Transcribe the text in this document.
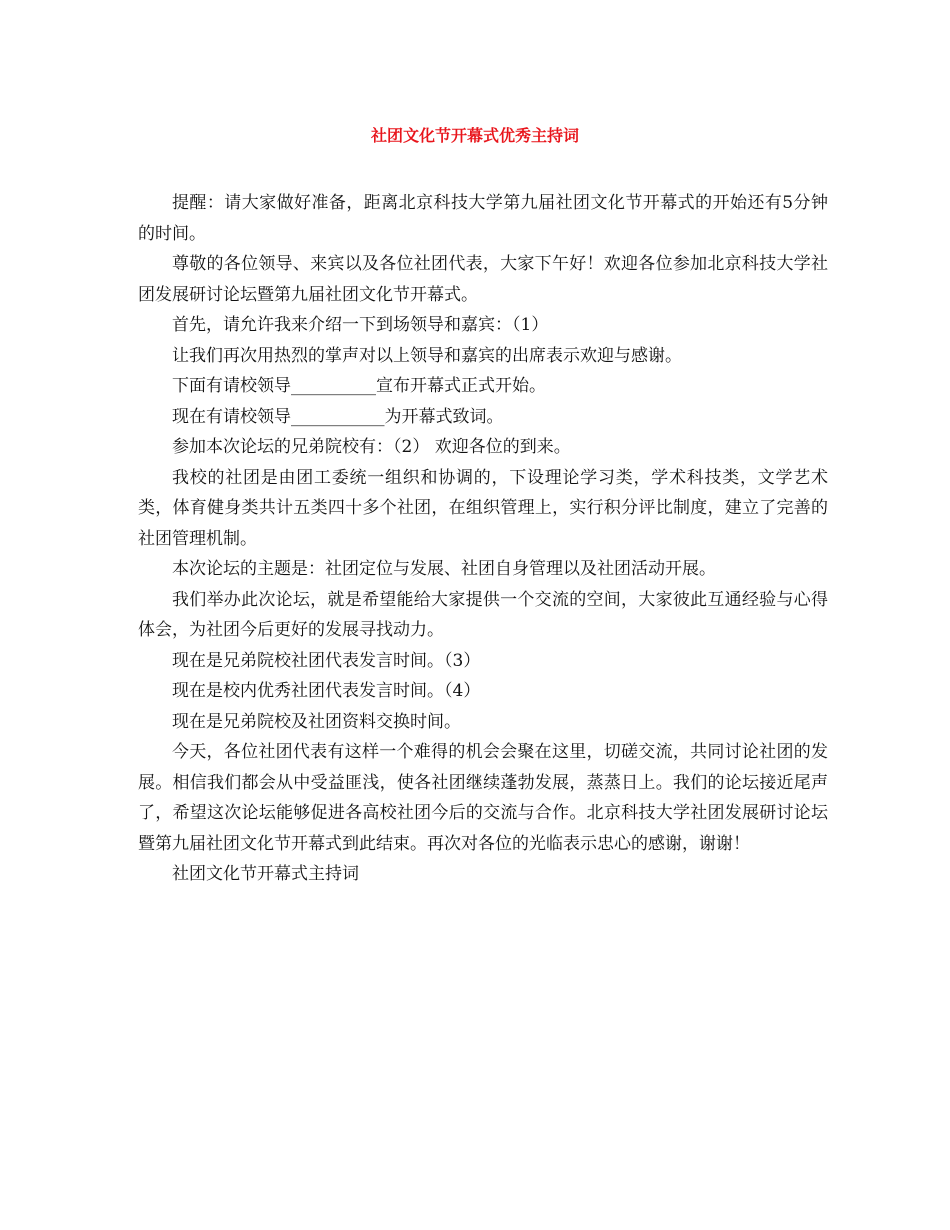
社团文化节开幕式优秀主持词

提醒：请大家做好准备，距离北京科技大学第九届社团文化节开幕式的开始还有5分钟的时间。

尊敬的各位领导、来宾以及各位社团代表，大家下午好！欢迎各位参加北京科技大学社团发展研讨论坛暨第九届社团文化节开幕式。

首先，请允许我来介绍一下到场领导和嘉宾：（1）

让我们再次用热烈的掌声对以上领导和嘉宾的出席表示欢迎与感谢。

下面有请校领导__________宣布开幕式正式开始。

现在有请校领导___________为开幕式致词。

参加本次论坛的兄弟院校有：（2） 欢迎各位的到来。

我校的社团是由团工委统一组织和协调的，下设理论学习类，学术科技类，文学艺术类，体育健身类共计五类四十多个社团，在组织管理上，实行积分评比制度，建立了完善的社团管理机制。

本次论坛的主题是：社团定位与发展、社团自身管理以及社团活动开展。

我们举办此次论坛，就是希望能给大家提供一个交流的空间，大家彼此互通经验与心得体会，为社团今后更好的发展寻找动力。

现在是兄弟院校社团代表发言时间。（3）

现在是校内优秀社团代表发言时间。（4）

现在是兄弟院校及社团资料交换时间。

今天，各位社团代表有这样一个难得的机会会聚在这里，切磋交流，共同讨论社团的发展。相信我们都会从中受益匪浅，使各社团继续蓬勃发展，蒸蒸日上。我们的论坛接近尾声了，希望这次论坛能够促进各高校社团今后的交流与合作。北京科技大学社团发展研讨论坛暨第九届社团文化节开幕式到此结束。再次对各位的光临表示忠心的感谢，谢谢！

社团文化节开幕式主持词
